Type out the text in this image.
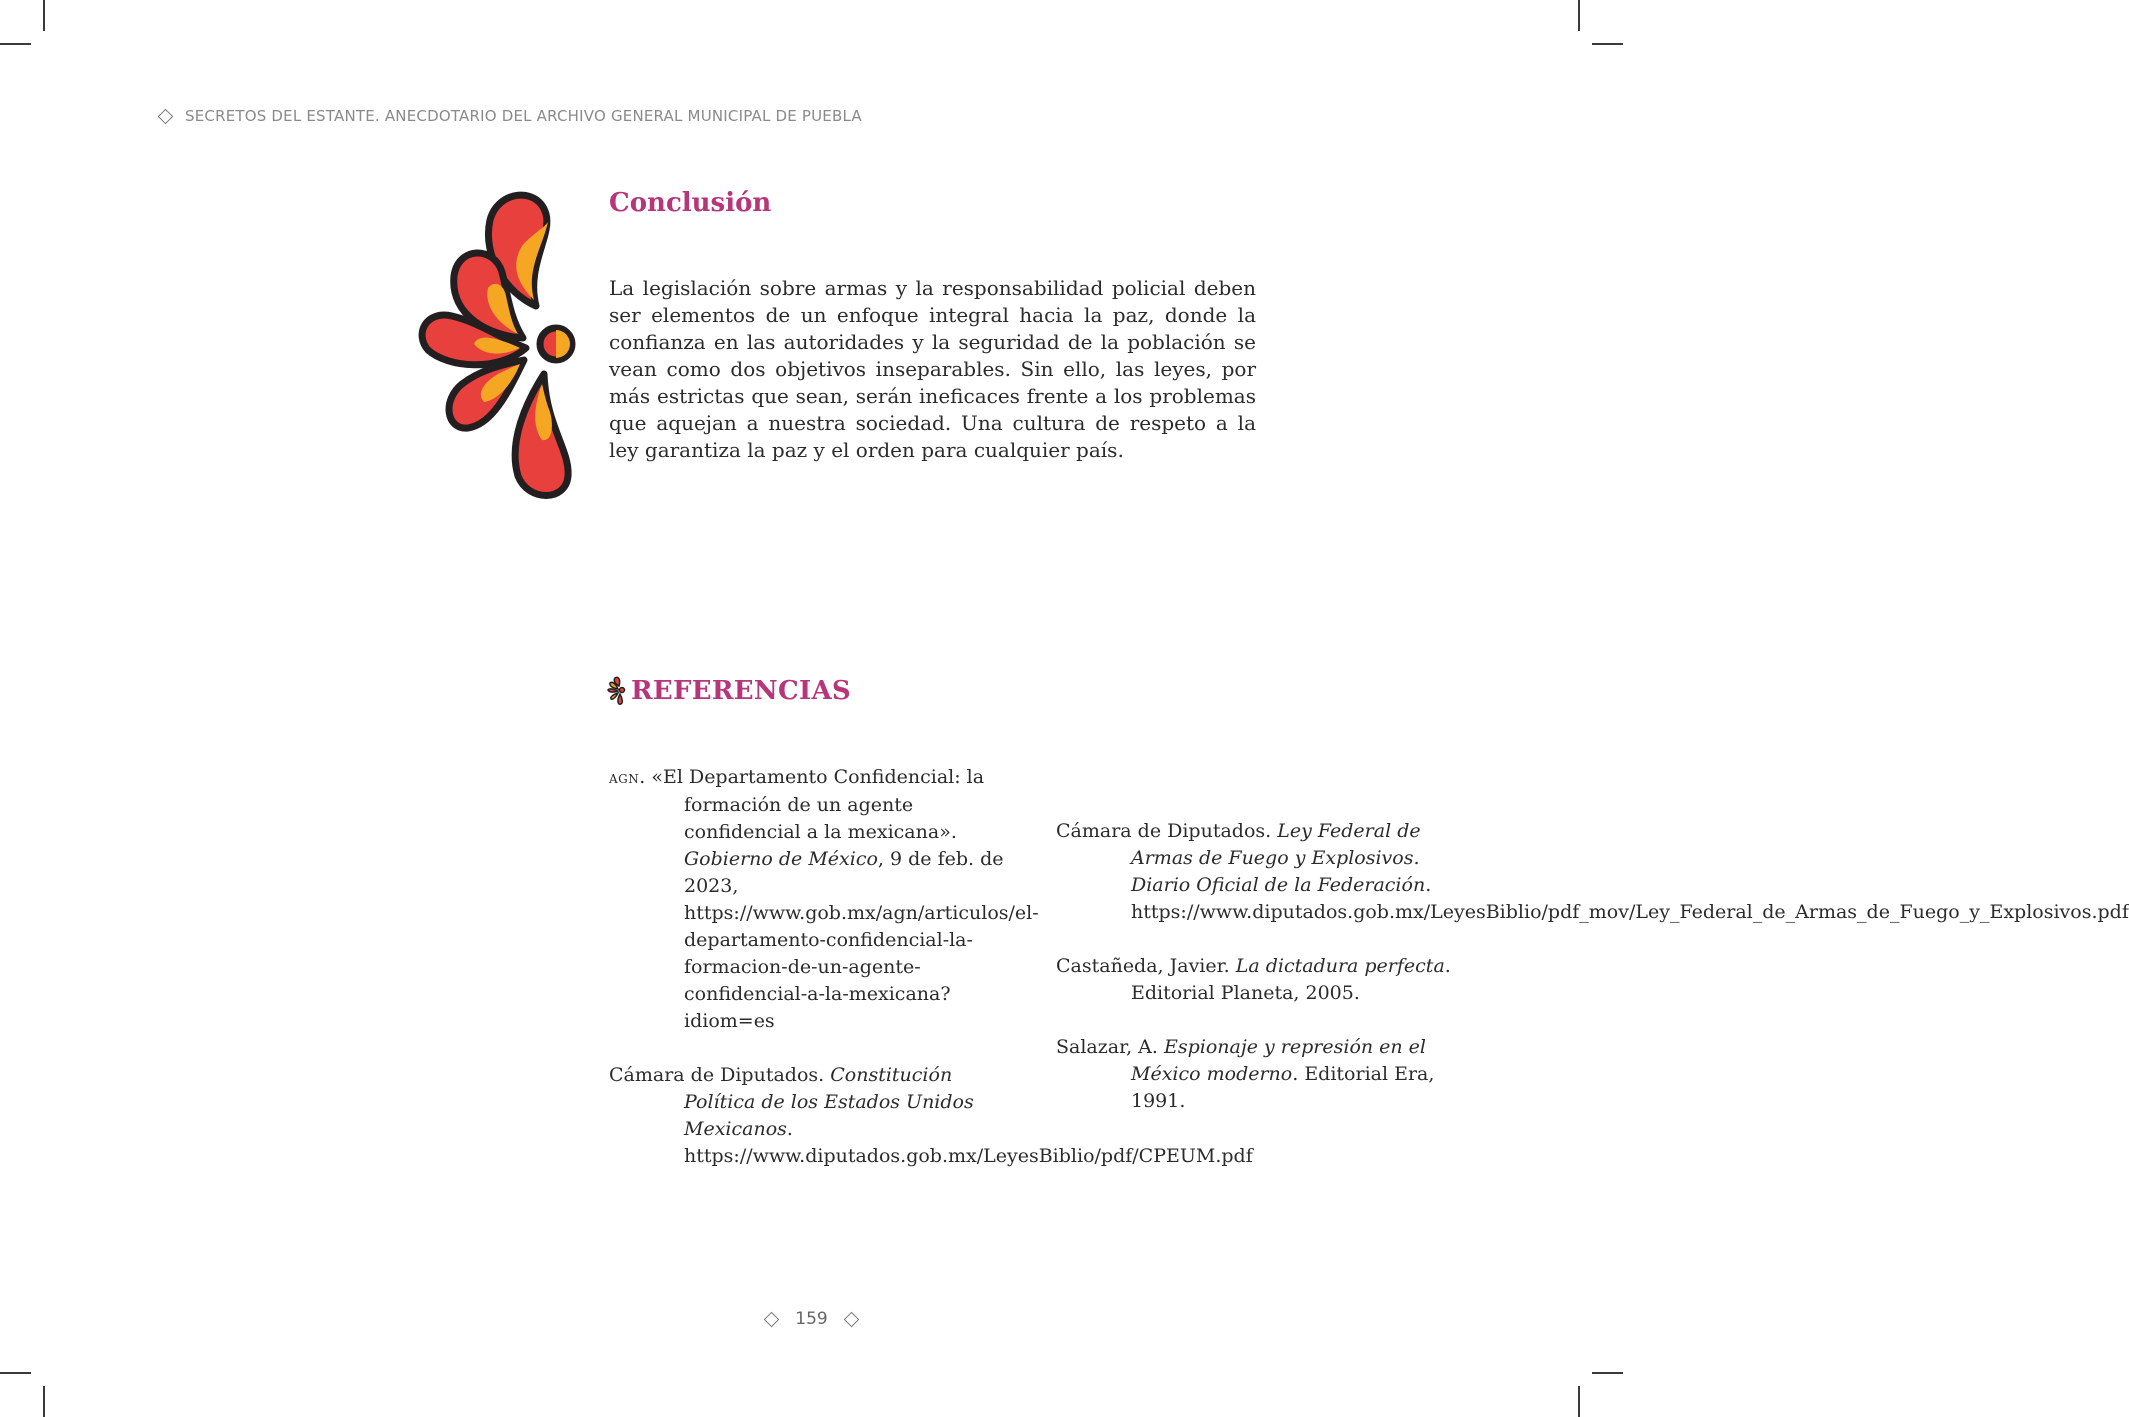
SECRETOS DEL ESTANTE. ANECDOTARIO DEL ARCHIVO GENERAL MUNICIPAL DE PUEBLA
Conclusión

La legislación sobre armas y la responsabilidad policial deben ser elementos de un enfoque integral hacia la paz, donde la confianza en las autoridades y la seguridad de la población se vean como dos objetivos inseparables. Sin ello, las leyes, por más estrictas que sean, serán ineficaces frente a los problemas que aquejan a nuestra sociedad. Una cultura de respeto a la ley garantiza la paz y el orden para cualquier país.

REFERENCIAS

agn. «El Departamento Confidencial: la formación de un agente confidencial a la mexicana». Gobierno de México, 9 de feb. de 2023, https://www.gob.mx/agn/articulos/el-departamento-confidencial-la-formacion-de-un-agente-confidencial-a-la-mexicana?idiom=es

Cámara de Diputados. Constitución Política de los Estados Unidos Mexicanos. https://www.diputados.gob.mx/LeyesBiblio/pdf/CPEUM.pdf

Cámara de Diputados. Ley Federal de Armas de Fuego y Explosivos. Diario Oficial de la Federación. https://www.diputados.gob.mx/LeyesBiblio/pdf_mov/Ley_Federal_de_Armas_de_Fuego_y_Explosivos.pdf

Castañeda, Javier. La dictadura perfecta. Editorial Planeta, 2005.

Salazar, A. Espionaje y represión en el México moderno. Editorial Era, 1991.

159
